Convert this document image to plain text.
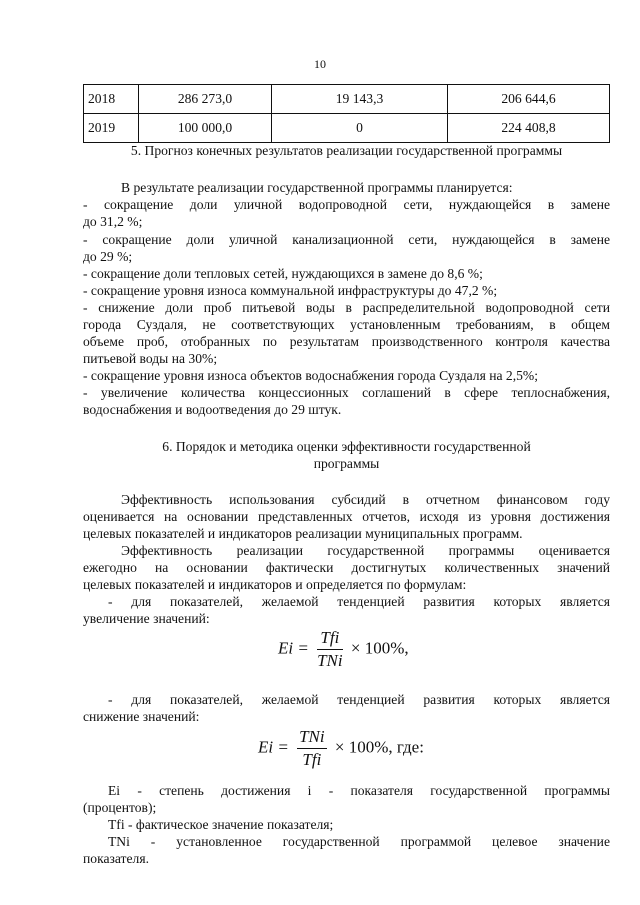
10
2018	286 273,0	19 143,3	206 644,6
2019	100 000,0	0	224 408,8
5. Прогноз конечных результатов реализации государственной программы
В результате реализации государственной программы планируется:
- сокращение доли уличной водопроводной сети, нуждающейся в замене
до 31,2 %;
- сокращение доли уличной канализационной сети, нуждающейся в замене
до 29 %;
- сокращение доли тепловых сетей, нуждающихся в замене до 8,6 %;
- сокращение уровня износа коммунальной инфраструктуры до 47,2 %;
- снижение доли проб питьевой воды в распределительной водопроводной сети
города Суздаля, не соответствующих установленным требованиям, в общем
объеме проб, отобранных по результатам производственного контроля качества
питьевой воды на 30%;
- сокращение уровня износа объектов водоснабжения города Суздаля на 2,5%;
- увеличение количества концессионных соглашений в сфере теплоснабжения,
водоснабжения и водоотведения до 29 штук.
6. Порядок и методика оценки эффективности государственной
программы
Эффективность использования субсидий в отчетном финансовом году
оценивается на основании представленных отчетов, исходя из уровня достижения
целевых показателей и индикаторов реализации муниципальных программ.
Эффективность реализации государственной программы оценивается
ежегодно на основании фактически достигнутых количественных значений
целевых показателей и индикаторов и определяется по формулам:
- для показателей, желаемой тенденцией развития которых является
увеличение значений:
$Ei = \frac{\text{Tfi}}{\text{TNi}} \times 100\%$,
- для показателей, желаемой тенденцией развития которых является
снижение значений:
$Ei = \frac{\text{TNi}}{\text{Tfi}} \times 100\%$, где:
Ei - степень достижения i - показателя государственной программы
(процентов);
Tfi - фактическое значение показателя;
TNi - установленное государственной программой целевое значение
показателя.
